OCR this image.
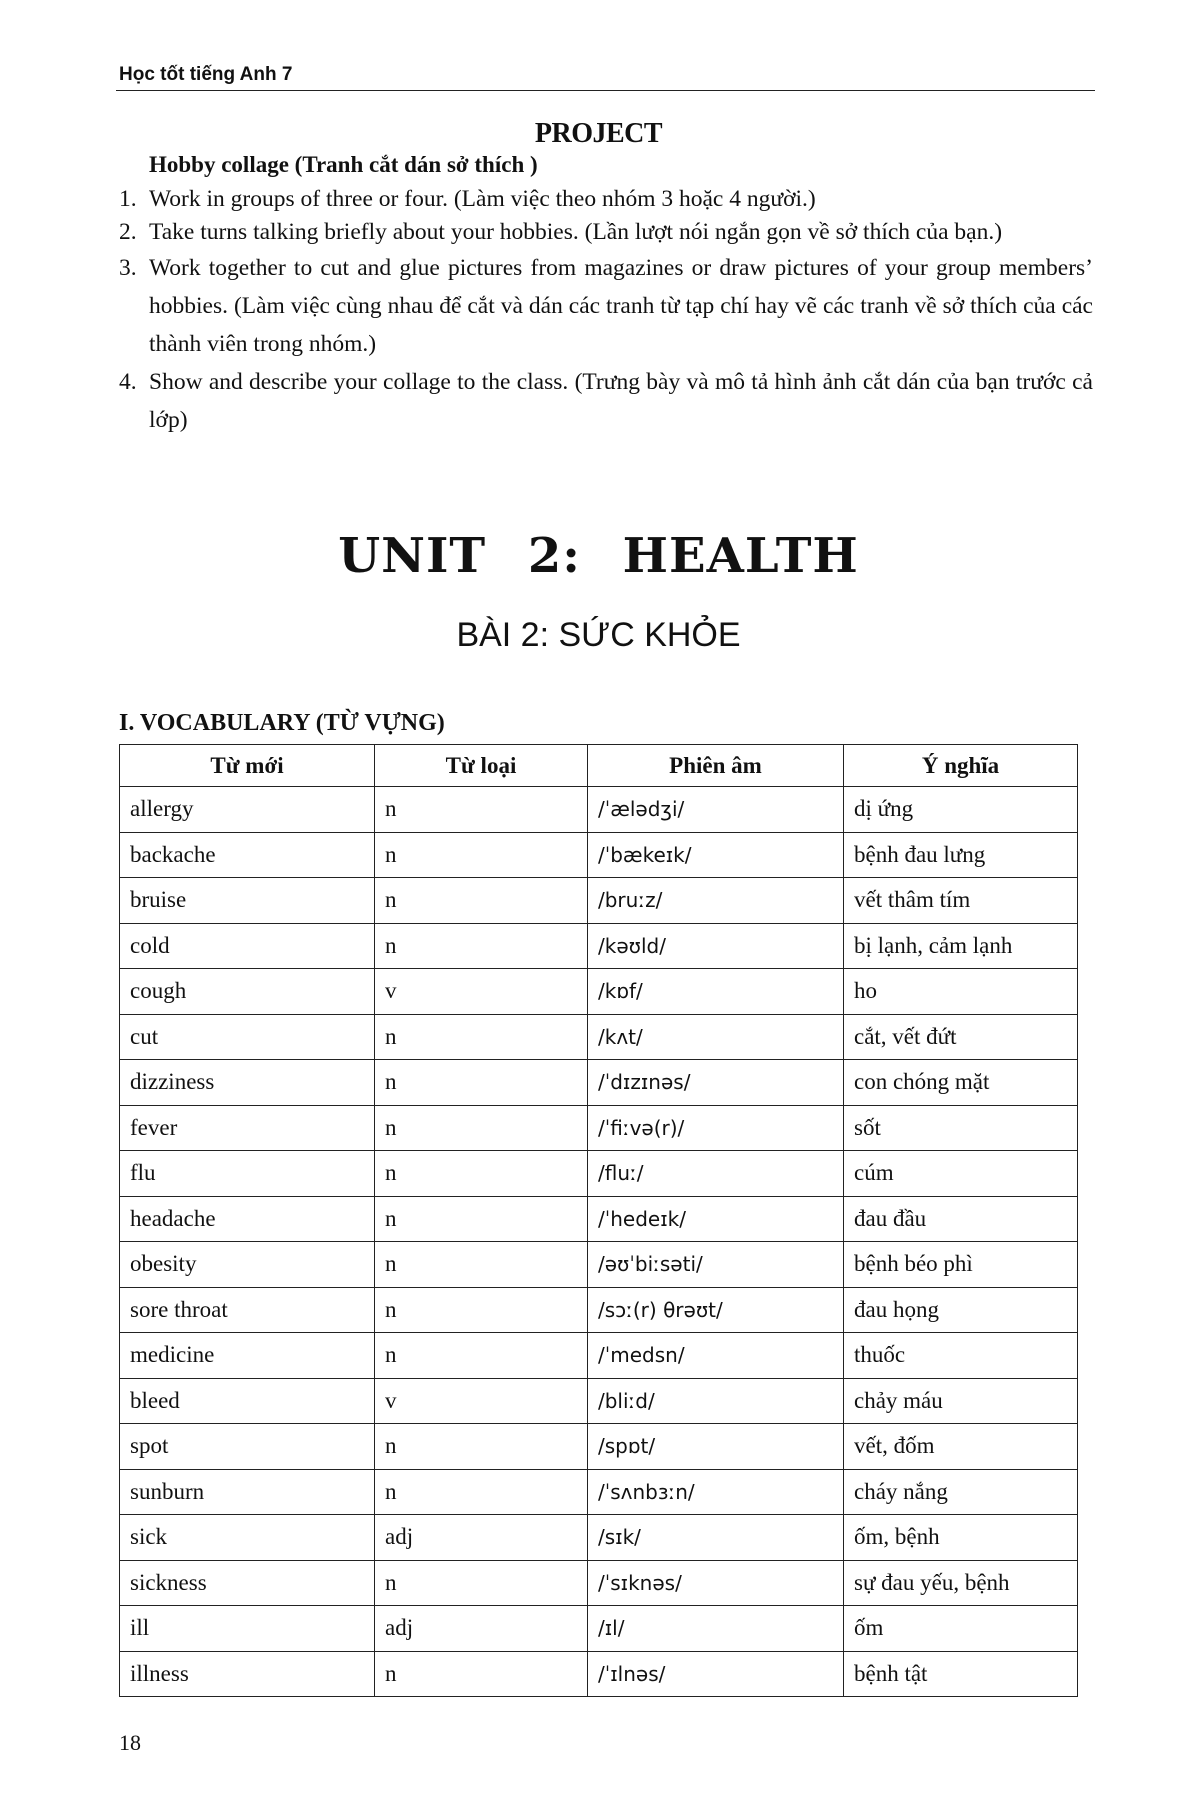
Học tốt tiếng Anh 7
PROJECT
Hobby collage (Tranh cắt dán sở thích )
1. Work in groups of three or four. (Làm việc theo nhóm 3 hoặc 4 người.)
2. Take turns talking briefly about your hobbies. (Lần lượt nói ngắn gọn về sở thích của bạn.)
3. Work together to cut and glue pictures from magazines or draw pictures of your group members’ hobbies. (Làm việc cùng nhau để cắt và dán các tranh từ tạp chí hay vẽ các tranh về sở thích của các thành viên trong nhóm.)
4. Show and describe your collage to the class. (Trưng bày và mô tả hình ảnh cắt dán của bạn trước cả lớp)
UNIT 2: HEALTH
BÀI 2: SỨC KHỎE
I. VOCABULARY (TỪ VỰNG)
Từ mới	Từ loại	Phiên âm	Ý nghĩa
allergy	n	/ˈælədʒi/	dị ứng
backache	n	/ˈbækeɪk/	bệnh đau lưng
bruise	n	/bruːz/	vết thâm tím
cold	n	/kəʊld/	bị lạnh, cảm lạnh
cough	v	/kɒf/	ho
cut	n	/kʌt/	cắt, vết đứt
dizziness	n	/ˈdɪzɪnəs/	con chóng mặt
fever	n	/ˈfiːvə(r)/	sốt
flu	n	/fluː/	cúm
headache	n	/ˈhedeɪk/	đau đầu
obesity	n	/əʊˈbiːsəti/	bệnh béo phì
sore throat	n	/sɔː(r) θrəʊt/	đau họng
medicine	n	/ˈmedsn/	thuốc
bleed	v	/bliːd/	chảy máu
spot	n	/spɒt/	vết, đốm
sunburn	n	/ˈsʌnbɜːn/	cháy nắng
sick	adj	/sɪk/	ốm, bệnh
sickness	n	/ˈsɪknəs/	sự đau yếu, bệnh
ill	adj	/ɪl/	ốm
illness	n	/ˈɪlnəs/	bệnh tật
18
